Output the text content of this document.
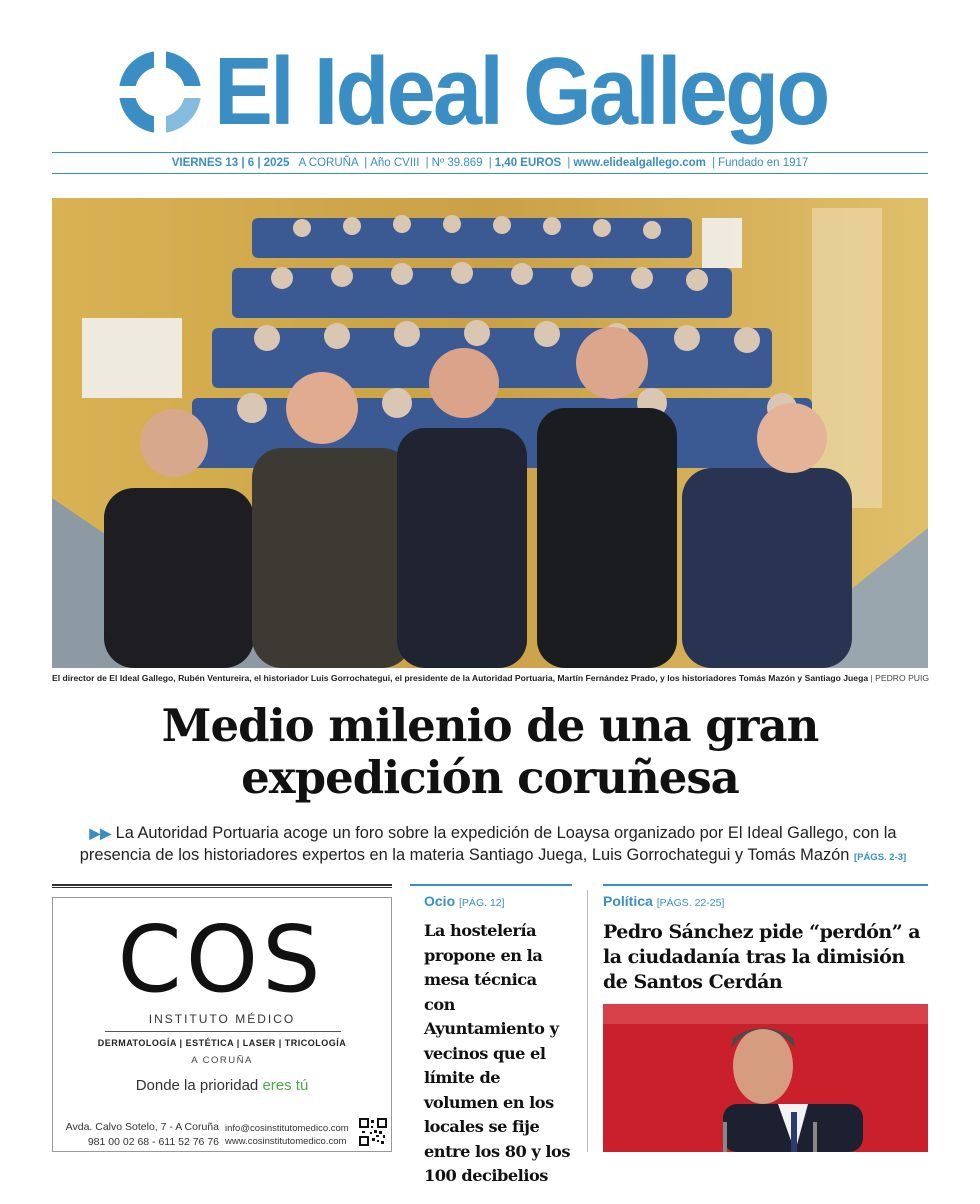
El Ideal Gallego
VIERNES 13 | 6 | 2025 A CORUÑA | Año CVIII | Nº 39.869 | 1,40 EUROS | www.elidealgallego.com | Fundado en 1917
El director de El Ideal Gallego, Rubén Ventureira, el historiador Luis Gorrochategui, el presidente de la Autoridad Portuaria, Martín Fernández Prado, y los historiadores Tomás Mazón y Santiago Juega | PEDRO PUIG
Medio milenio de una gran
expedición coruñesa
▶▶ La Autoridad Portuaria acoge un foro sobre la expedición de Loaysa organizado por El Ideal Gallego, con la presencia de los historiadores expertos en la materia Santiago Juega, Luis Gorrochategui y Tomás Mazón [PÁGS. 2-3]
COS
INSTITUTO MÉDICO
DERMATOLOGÍA | ESTÉTICA | LASER | TRICOLOGÍA
A CORUÑA
Donde la prioridad eres tú
Avda. Calvo Sotelo, 7 - A Coruña
981 00 02 68 - 611 52 76 76
info@cosinstitutomedico.com
www.cosinstitutomedico.com
Ocio [PÁG. 12]
La hostelería propone en la mesa técnica con Ayuntamiento y vecinos que el límite de volumen en los locales se fije entre los 80 y los 100 decibelios
Política [PÁGS. 22-25]
Pedro Sánchez pide “perdón” a la ciudadanía tras la dimisión de Santos Cerdán
